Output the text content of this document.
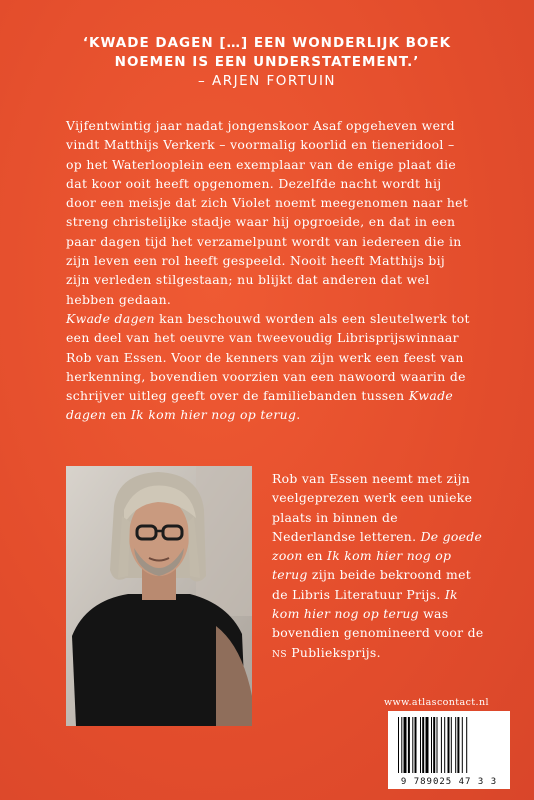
‘KWADE DAGEN […] EEN WONDERLIJK BOEK
NOEMEN IS EEN UNDERSTATEMENT.’
– ARJEN FORTUIN

Vijfentwintig jaar nadat jongenskoor Asaf opgeheven werd vindt Matthijs Verkerk – voormalig koorlid en tieneridool – op het Waterlooplein een exemplaar van de enige plaat die dat koor ooit heeft opgenomen. Dezelfde nacht wordt hij door een meisje dat zich Violet noemt meegenomen naar het streng christelijke stadje waar hij opgroeide, en dat in een paar dagen tijd het verzamelpunt wordt van iedereen die in zijn leven een rol heeft gespeeld. Nooit heeft Matthijs bij zijn verleden stilgestaan; nu blijkt dat anderen dat wel hebben gedaan.

Kwade dagen kan beschouwd worden als een sleutelwerk tot een deel van het oeuvre van tweevoudig Librisprijswinnaar Rob van Essen. Voor de kenners van zijn werk een feest van herkenning, bovendien voorzien van een nawoord waarin de schrijver uitleg geeft over de familiebanden tussen Kwade dagen en Ik kom hier nog op terug.

Rob van Essen neemt met zijn veelgeprezen werk een unieke plaats in binnen de Nederlandse letteren. De goede zoon en Ik kom hier nog op terug zijn beide bekroond met de Libris Literatuur Prijs. Ik kom hier nog op terug was bovendien genomineerd voor de NS Publieksprijs.
www.atlascontact.nl
9 789025 47 3 3
